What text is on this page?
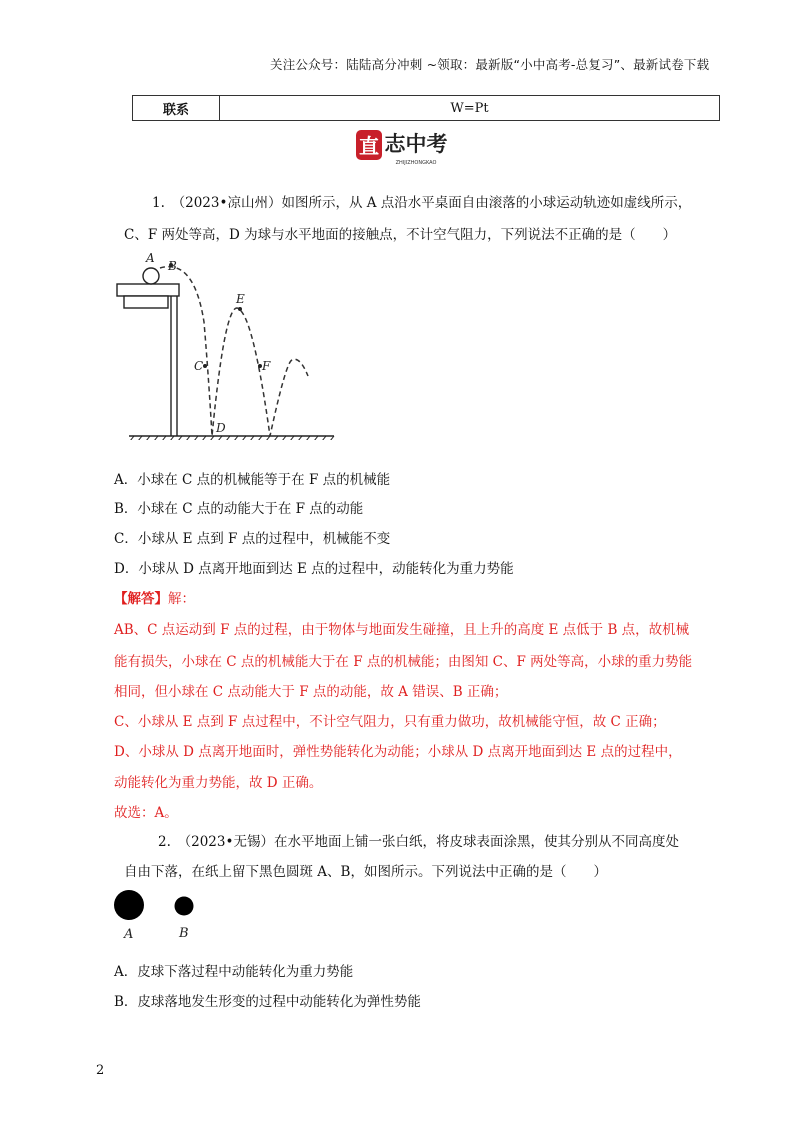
关注公众号：陆陆高分冲刺 ~领取：最新版“小中高考-总复习”、最新试卷下载
联系	W=Pt
直 志中考
ZHIJIZHONGKAO
1.　（2023•凉山州）如图所示，从 A 点沿水平桌面自由滚落的小球运动轨迹如虚线所示，
C、F 两处等高，D 为球与水平地面的接触点，不计空气阻力，下列说法不正确的是（　　）
A
B
C
D
E
F
A．小球在 C 点的机械能等于在 F 点的机械能
B．小球在 C 点的动能大于在 F 点的动能
C．小球从 E 点到 F 点的过程中，机械能不变
D．小球从 D 点离开地面到达 E 点的过程中，动能转化为重力势能
【解答】解：
AB、C 点运动到 F 点的过程，由于物体与地面发生碰撞，且上升的高度 E 点低于 B 点，故机械
能有损失，小球在 C 点的机械能大于在 F 点的机械能；由图知 C、F 两处等高，小球的重力势能
相同，但小球在 C 点动能大于 F 点的动能，故 A 错误、B 正确；
C、小球从 E 点到 F 点过程中，不计空气阻力，只有重力做功，故机械能守恒，故 C 正确；
D、小球从 D 点离开地面时，弹性势能转化为动能；小球从 D 点离开地面到达 E 点的过程中，
动能转化为重力势能，故 D 正确。
故选：A。
2.　（2023•无锡）在水平地面上铺一张白纸，将皮球表面涂黑，使其分别从不同高度处
自由下落，在纸上留下黑色圆斑 A、B，如图所示。下列说法中正确的是（　　）
A	B
A．皮球下落过程中动能转化为重力势能
B．皮球落地发生形变的过程中动能转化为弹性势能
2
